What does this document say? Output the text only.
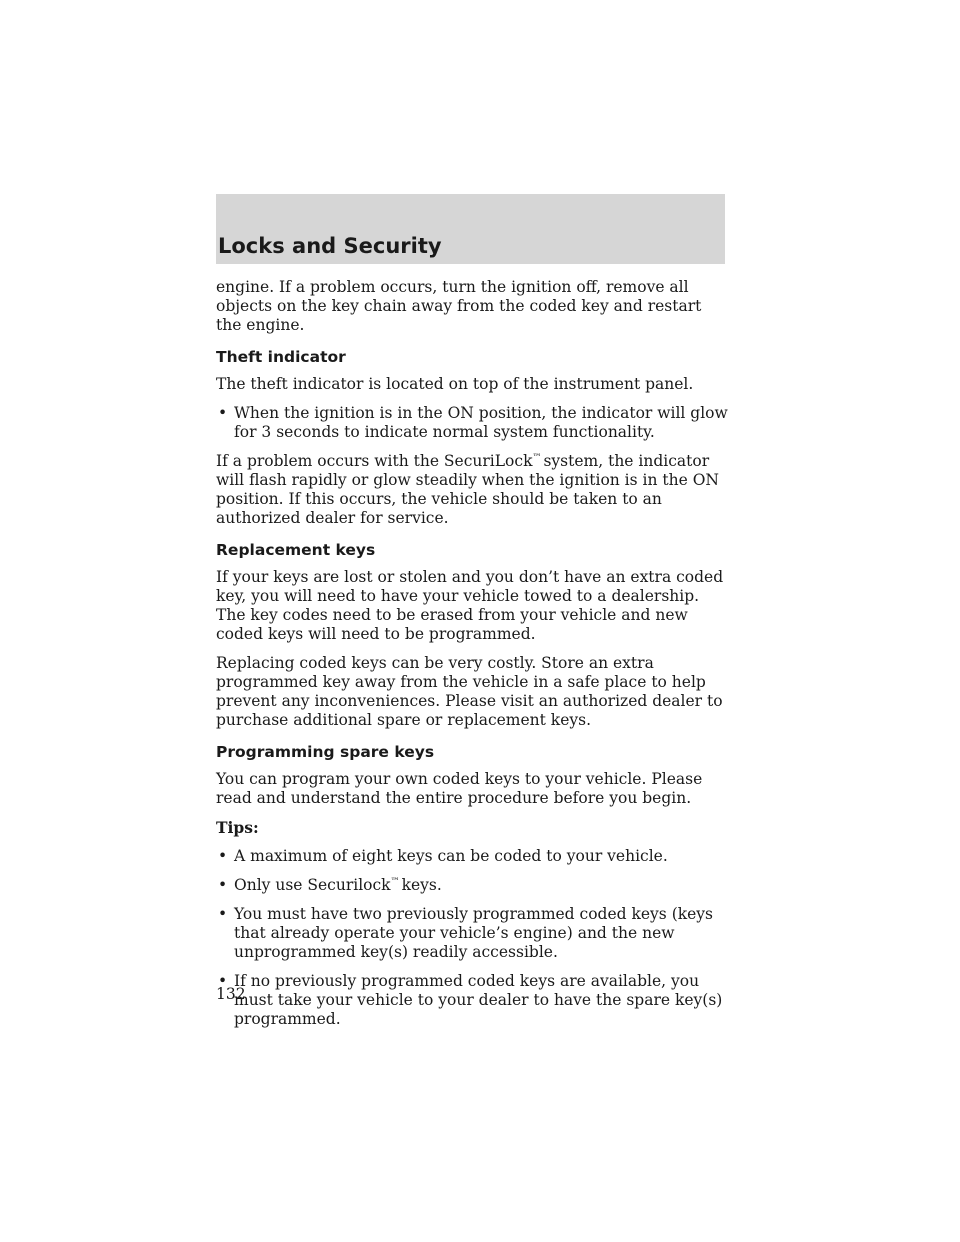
Locks and Security

engine. If a problem occurs, turn the ignition off, remove all objects on the key chain away from the coded key and restart the engine.

Theft indicator

The theft indicator is located on top of the instrument panel.

• When the ignition is in the ON position, the indicator will glow for 3 seconds to indicate normal system functionality.

If a problem occurs with the SecuriLock™ system, the indicator will flash rapidly or glow steadily when the ignition is in the ON position. If this occurs, the vehicle should be taken to an authorized dealer for service.

Replacement keys

If your keys are lost or stolen and you don’t have an extra coded key, you will need to have your vehicle towed to a dealership. The key codes need to be erased from your vehicle and new coded keys will need to be programmed.

Replacing coded keys can be very costly. Store an extra programmed key away from the vehicle in a safe place to help prevent any inconveniences. Please visit an authorized dealer to purchase additional spare or replacement keys.

Programming spare keys

You can program your own coded keys to your vehicle. Please read and understand the entire procedure before you begin.

Tips:

• A maximum of eight keys can be coded to your vehicle.
• Only use Securilock™ keys.
• You must have two previously programmed coded keys (keys that already operate your vehicle’s engine) and the new unprogrammed key(s) readily accessible.
• If no previously programmed coded keys are available, you must take your vehicle to your dealer to have the spare key(s) programmed.
132
